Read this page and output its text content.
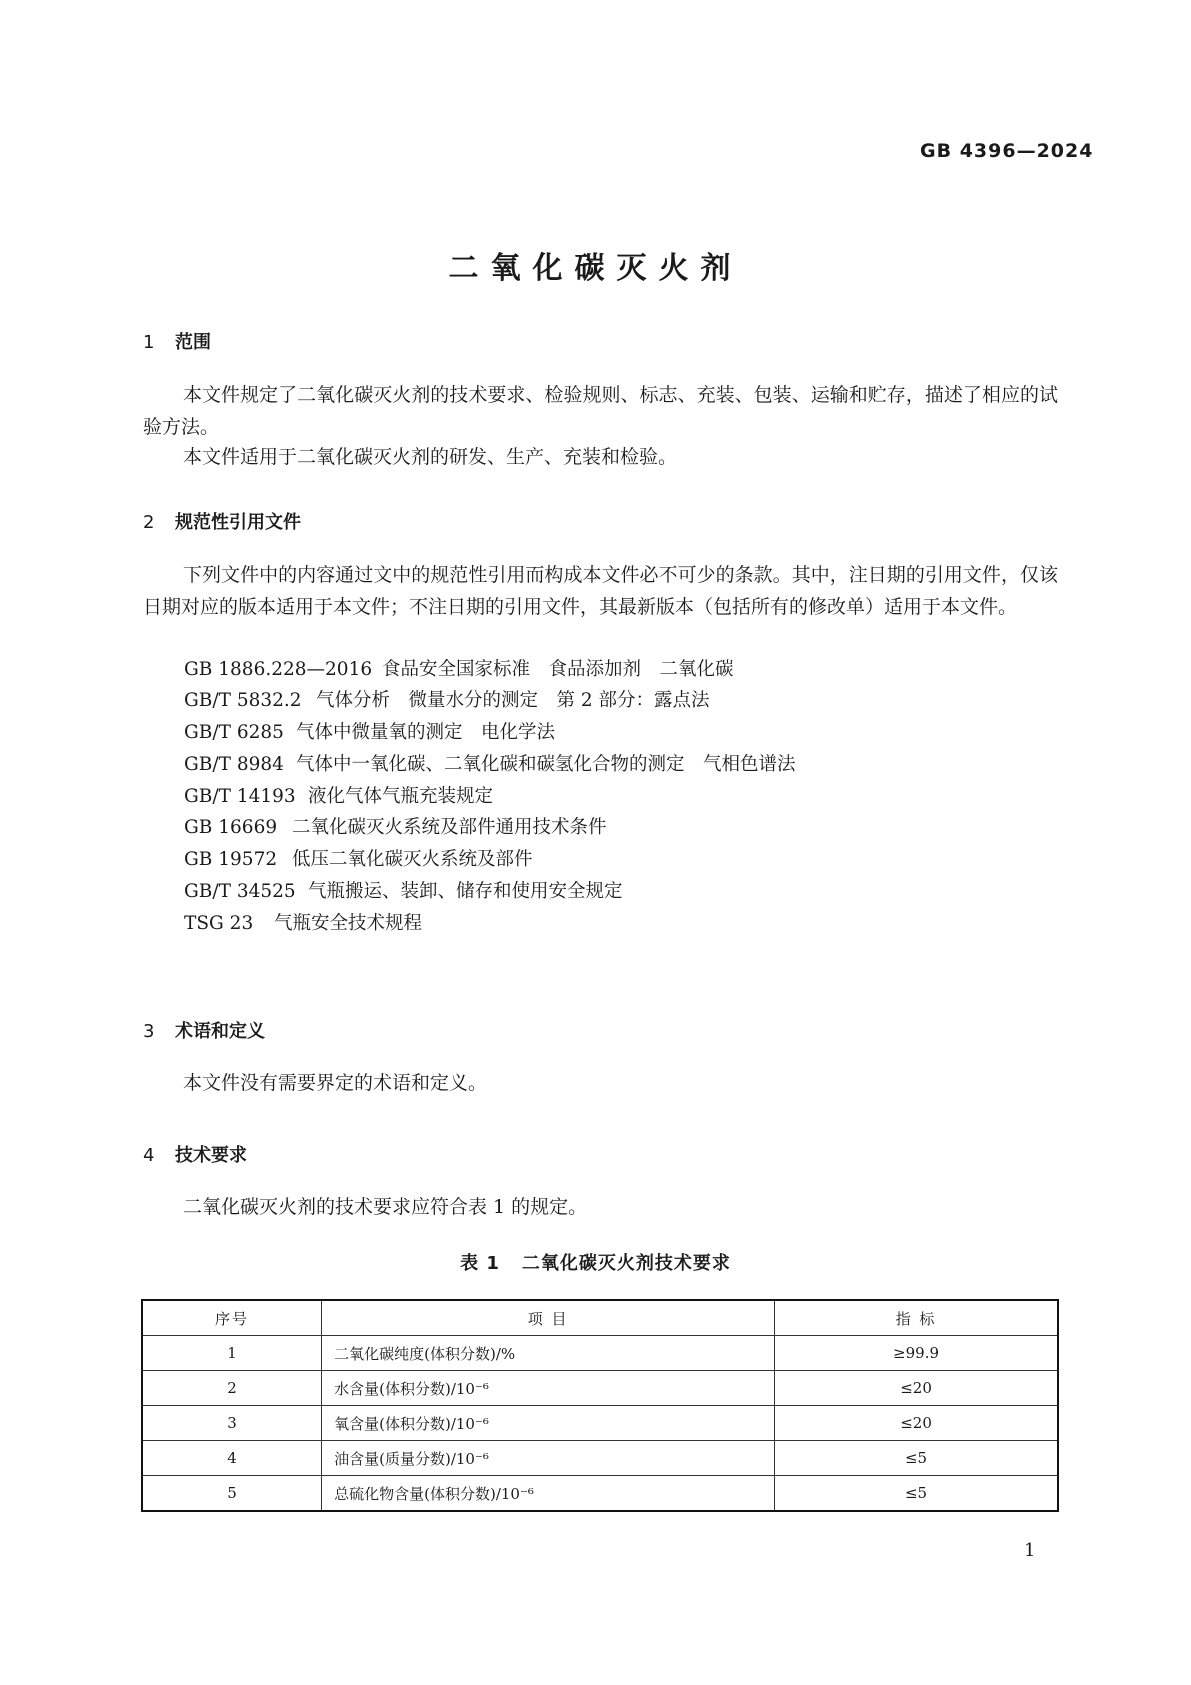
GB 4396—2024
二氧化碳灭火剂
1 范围
本文件规定了二氧化碳灭火剂的技术要求、检验规则、标志、充装、包装、运输和贮存，描述了相应的试验方法。
本文件适用于二氧化碳灭火剂的研发、生产、充装和检验。
2 规范性引用文件
下列文件中的内容通过文中的规范性引用而构成本文件必不可少的条款。其中，注日期的引用文件，仅该日期对应的版本适用于本文件；不注日期的引用文件，其最新版本（包括所有的修改单）适用于本文件。
GB 1886.228—2016 食品安全国家标准　食品添加剂　二氧化碳
GB/T 5832.2 气体分析　微量水分的测定　第 2 部分：露点法
GB/T 6285 气体中微量氧的测定　电化学法
GB/T 8984 气体中一氧化碳、二氧化碳和碳氢化合物的测定　气相色谱法
GB/T 14193 液化气体气瓶充装规定
GB 16669 二氧化碳灭火系统及部件通用技术条件
GB 19572 低压二氧化碳灭火系统及部件
GB/T 34525 气瓶搬运、装卸、储存和使用安全规定
TSG 23 气瓶安全技术规程
3 术语和定义
本文件没有需要界定的术语和定义。
4 技术要求
二氧化碳灭火剂的技术要求应符合表 1 的规定。
表 1 二氧化碳灭火剂技术要求
序号	项 目	指 标
1	二氧化碳纯度(体积分数)/%	≥99.9
2	水含量(体积分数)/10⁻⁶	≤20
3	氧含量(体积分数)/10⁻⁶	≤20
4	油含量(质量分数)/10⁻⁶	≤5
5	总硫化物含量(体积分数)/10⁻⁶	≤5
1
